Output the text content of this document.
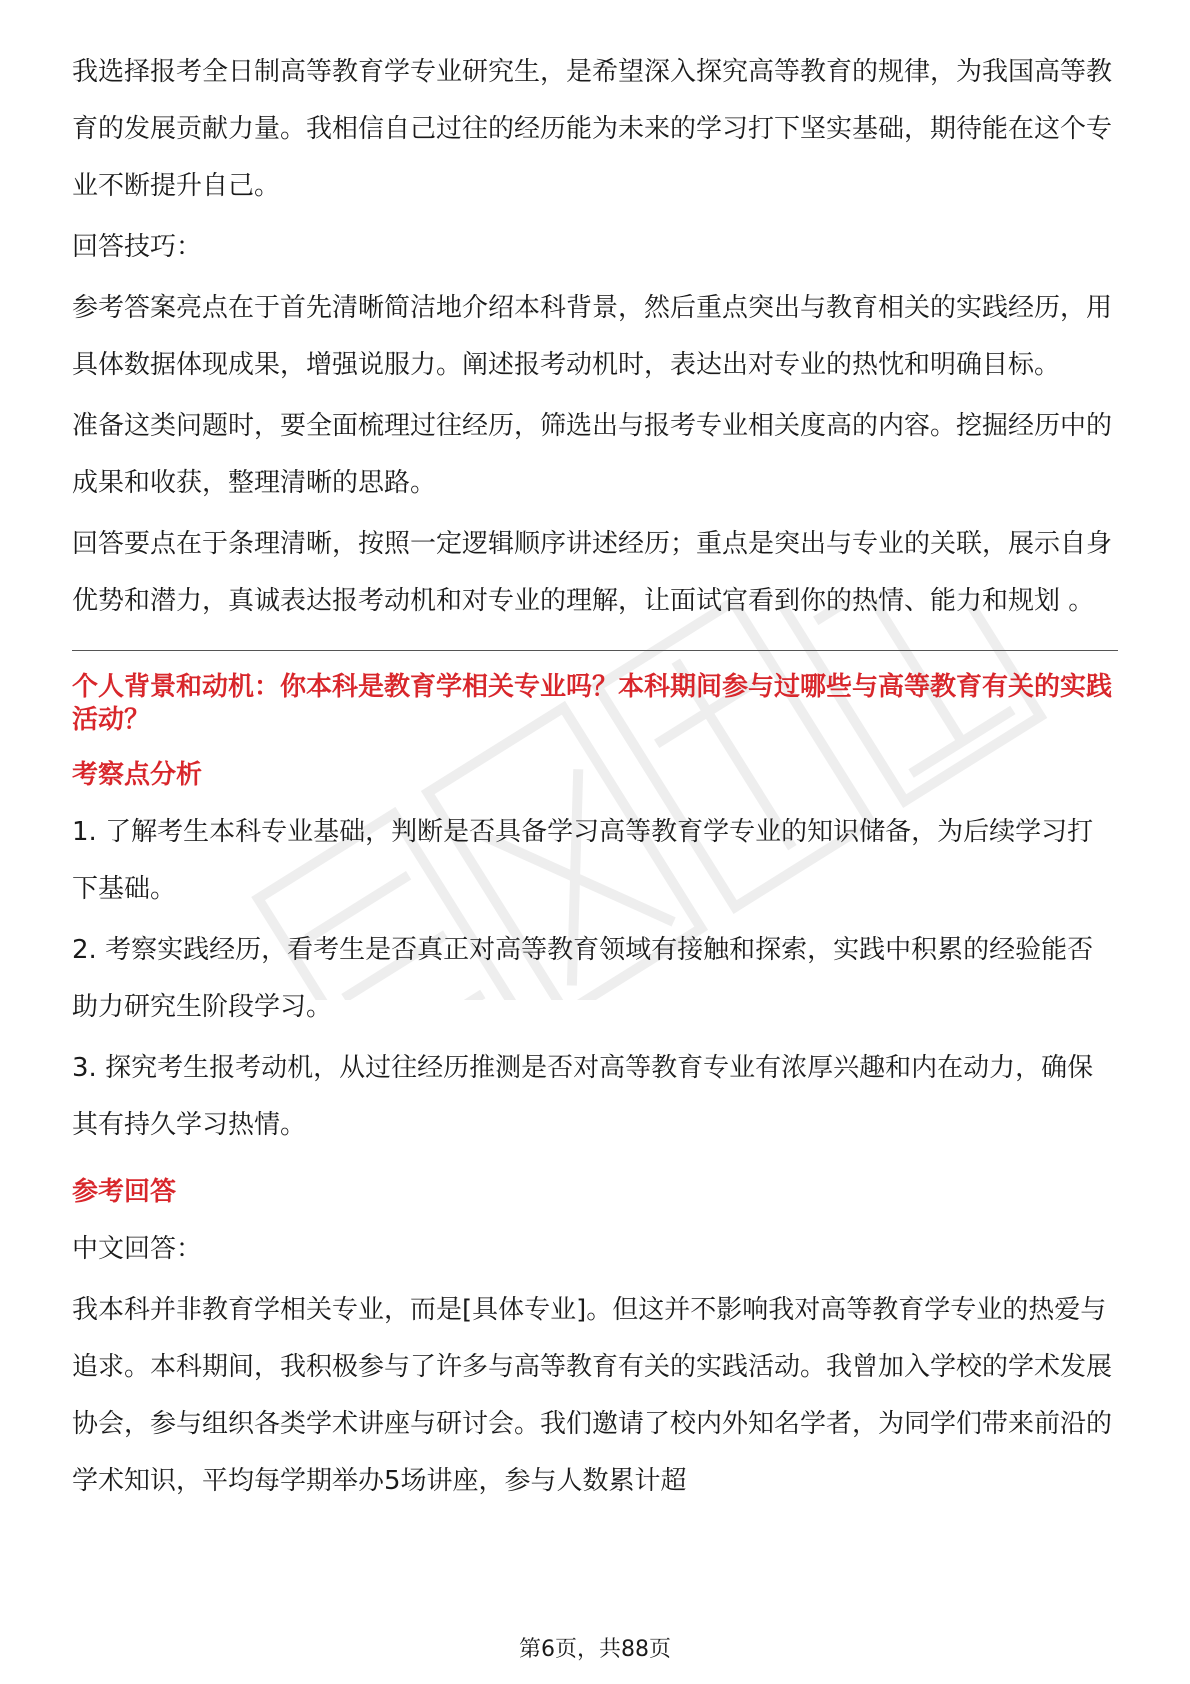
我选择报考全日制高等教育学专业研究生，是希望深入探究高等教育的规律，为我国高等教育的发展贡献力量。我相信自己过往的经历能为未来的学习打下坚实基础，期待能在这个专业不断提升自己。

回答技巧：

参考答案亮点在于首先清晰简洁地介绍本科背景，然后重点突出与教育相关的实践经历，用具体数据体现成果，增强说服力。阐述报考动机时，表达出对专业的热忱和明确目标。

准备这类问题时，要全面梳理过往经历，筛选出与报考专业相关度高的内容。挖掘经历中的成果和收获，整理清晰的思路。

回答要点在于条理清晰，按照一定逻辑顺序讲述经历；重点是突出与专业的关联，展示自身优势和潜力，真诚表达报考动机和对专业的理解，让面试官看到你的热情、能力和规划 。

个人背景和动机：你本科是教育学相关专业吗？本科期间参与过哪些与高等教育有关的实践活动？
考察点分析

1. 了解考生本科专业基础，判断是否具备学习高等教育学专业的知识储备，为后续学习打下基础。

2. 考察实践经历，看考生是否真正对高等教育领域有接触和探索，实践中积累的经验能否助力研究生阶段学习。

3. 探究考生报考动机，从过往经历推测是否对高等教育专业有浓厚兴趣和内在动力，确保其有持久学习热情。

参考回答

中文回答：

我本科并非教育学相关专业，而是[具体专业]。但这并不影响我对高等教育学专业的热爱与追求。本科期间，我积极参与了许多与高等教育有关的实践活动。我曾加入学校的学术发展协会，参与组织各类学术讲座与研讨会。我们邀请了校内外知名学者，为同学们带来前沿的学术知识，平均每学期举办5场讲座，参与人数累计超

第6页，共88页
